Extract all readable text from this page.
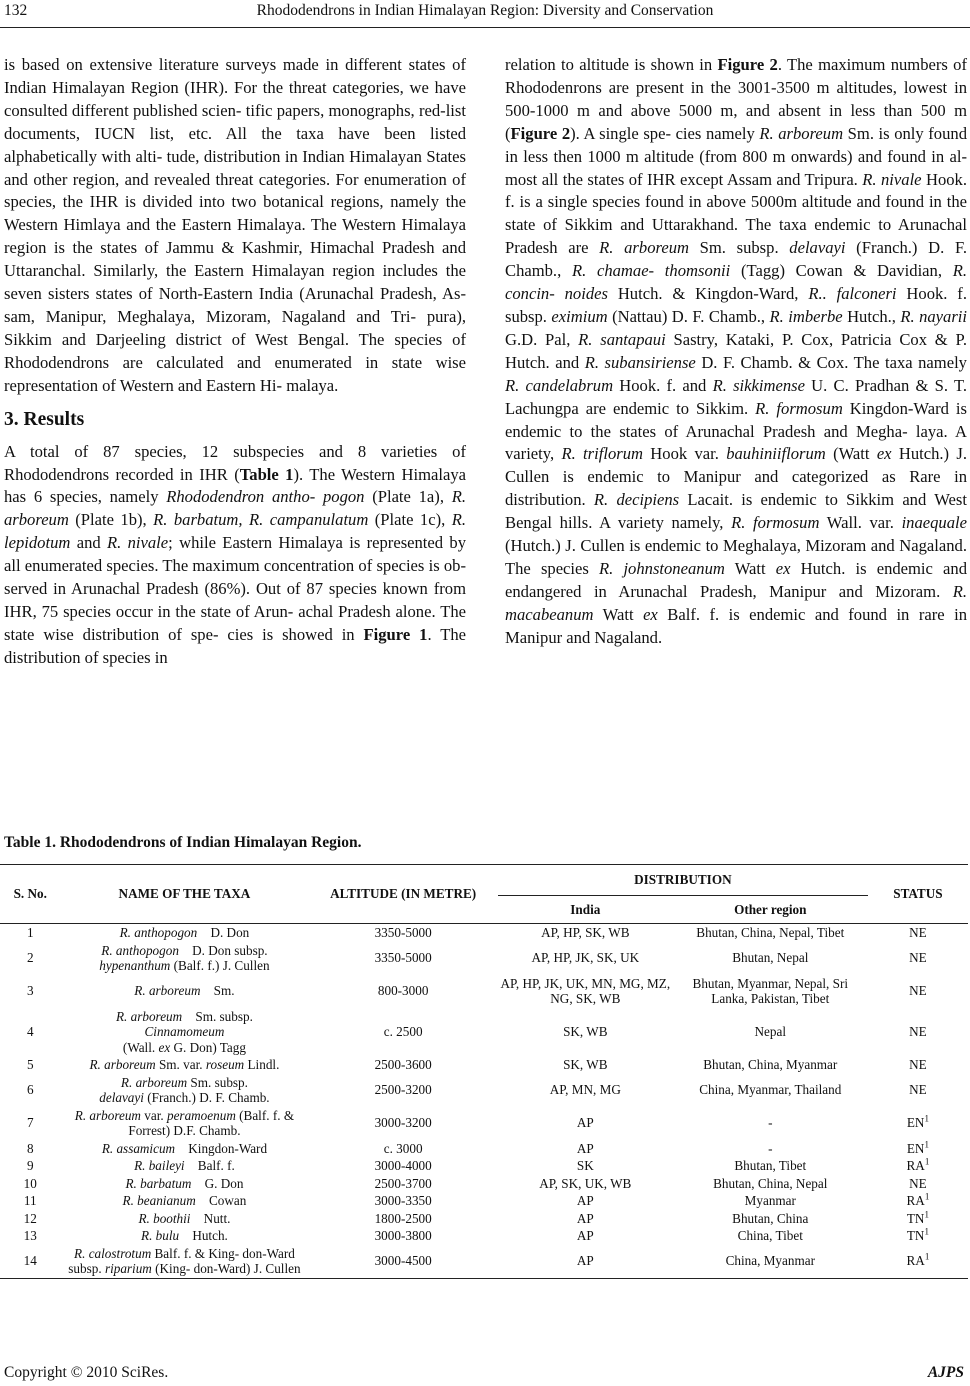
132	Rhododendrons in Indian Himalayan Region: Diversity and Conservation

is based on extensive literature surveys made in different states of Indian Himalayan Region (IHR). For the threat categories, we have consulted different published scien- tific papers, monographs, red-list documents, IUCN list, etc. All the taxa have been listed alphabetically with alti- tude, distribution in Indian Himalayan States and other region, and revealed threat categories. For enumeration of species, the IHR is divided into two botanical regions, namely the Western Himlaya and the Eastern Himalaya. The Western Himalaya region is the states of Jammu & Kashmir, Himachal Pradesh and Uttaranchal. Similarly, the Eastern Himalayan region includes the seven sisters states of North-Eastern India (Arunachal Pradesh, As- sam, Manipur, Meghalaya, Mizoram, Nagaland and Tri- pura), Sikkim and Darjeeling district of West Bengal. The species of Rhododendrons are calculated and enumerated in state wise representation of Western and Eastern Hi- malaya.

3. Results

A total of 87 species, 12 subspecies and 8 varieties of Rhododendrons recorded in IHR (Table 1). The Western Himalaya has 6 species, namely Rhododendron antho- pogon (Plate 1a), R. arboreum (Plate 1b), R. barbatum, R. campanulatum (Plate 1c), R. lepidotum and R. nivale; while Eastern Himalaya is represented by all enumerated species. The maximum concentration of species is ob- served in Arunachal Pradesh (86%). Out of 87 species known from IHR, 75 species occur in the state of Arun- achal Pradesh alone. The state wise distribution of spe- cies is showed in Figure 1. The distribution of species in

relation to altitude is shown in Figure 2. The maximum numbers of Rhododenrons are present in the 3001-3500 m altitudes, lowest in 500-1000 m and above 5000 m, and absent in less than 500 m (Figure 2). A single spe- cies namely R. arboreum Sm. is only found in less then 1000 m altitude (from 800 m onwards) and found in al- most all the states of IHR except Assam and Tripura. R. nivale Hook. f. is a single species found in above 5000m altitude and found in the state of Sikkim and Uttarakhand. The taxa endemic to Arunachal Pradesh are R. arboreum Sm. subsp. delavayi (Franch.) D. F. Chamb., R. chamae- thomsonii (Tagg) Cowan & Davidian, R. concin- noides Hutch. & Kingdon-Ward, R.. falconeri Hook. f. subsp. eximium (Nattau) D. F. Chamb., R. imberbe Hutch., R. nayarii G.D. Pal, R. santapaui Sastry, Kataki, P. Cox, Patricia Cox & P. Hutch. and R. subansiriense D. F. Chamb. & Cox. The taxa namely R. candelabrum Hook. f. and R. sikkimense U. C. Pradhan & S. T. Lachungpa are endemic to Sikkim. R. formosum Kingdon-Ward is endemic to the states of Arunachal Pradesh and Megha- laya. A variety, R. triflorum Hook var. bauhiniiflorum (Watt ex Hutch.) J. Cullen is endemic to Manipur and categorized as Rare in distribution. R. decipiens Lacait. is endemic to Sikkim and West Bengal hills. A variety namely, R. formosum Wall. var. inaequale (Hutch.) J. Cullen is endemic to Meghalaya, Mizoram and Nagaland. The species R. johnstoneanum Watt ex Hutch. is endemic and endangered in Arunachal Pradesh, Manipur and Mizoram. R. macabeanum Watt ex Balf. f. is endemic and found in rare in Manipur and Nagaland.

Table 1. Rhododendrons of Indian Himalayan Region.
S. No.	NAME OF THE TAXA	ALTITUDE (IN METRE)	DISTRIBUTION		STATUS
			India	Other region	
1	R. anthopogon D. Don	3350-5000	AP, HP, SK, WB	Bhutan, China, Nepal, Tibet	NE
2	R. anthopogon D. Don subsp.
hypenanthum (Balf. f.) J. Cullen	3350-5000	AP, HP, JK, SK, UK	Bhutan, Nepal	NE
3	R. arboreum Sm.	800-3000	AP, HP, JK, UK, MN, MG, MZ, NG, SK, WB	Bhutan, Myanmar, Nepal, Sri Lanka, Pakistan, Tibet	NE
4	R. arboreum Sm. subsp.
Cinnamomeum
(Wall. ex G. Don) Tagg	c. 2500	SK, WB	Nepal	NE
5	R. arboreum Sm. var. roseum Lindl.	2500-3600	SK, WB	Bhutan, China, Myanmar	NE
6	R. arboreum Sm. subsp.
delavayi (Franch.) D. F. Chamb.	2500-3200	AP, MN, MG	China, Myanmar, Thailand	NE
7	R. arboreum var. peramoenum (Balf. f. & Forrest) D.F. Chamb.	3000-3200	AP	-	$EN^1$
8	R. assamicum Kingdon-Ward	c. 3000	AP	-	$EN^1$
9	R. baileyi Balf. f.	3000-4000	SK	Bhutan, Tibet	$RA^1$
10	R. barbatum G. Don	2500-3700	AP, SK, UK, WB	Bhutan, China, Nepal	NE
11	R. beanianum Cowan	3000-3350	AP	Myanmar	$RA^1$
12	R. boothii Nutt.	1800-2500	AP	Bhutan, China	$TN^1$
13	R. bulu Hutch.	3000-3800	AP	China, Tibet	$TN^1$
14	R. calostrotum Balf. f. & King- don-Ward subsp. riparium (King- don-Ward) J. Cullen	3000-4500	AP	China, Myanmar	$RA^1$
Copyright © 2010 SciRes.	AJPS
